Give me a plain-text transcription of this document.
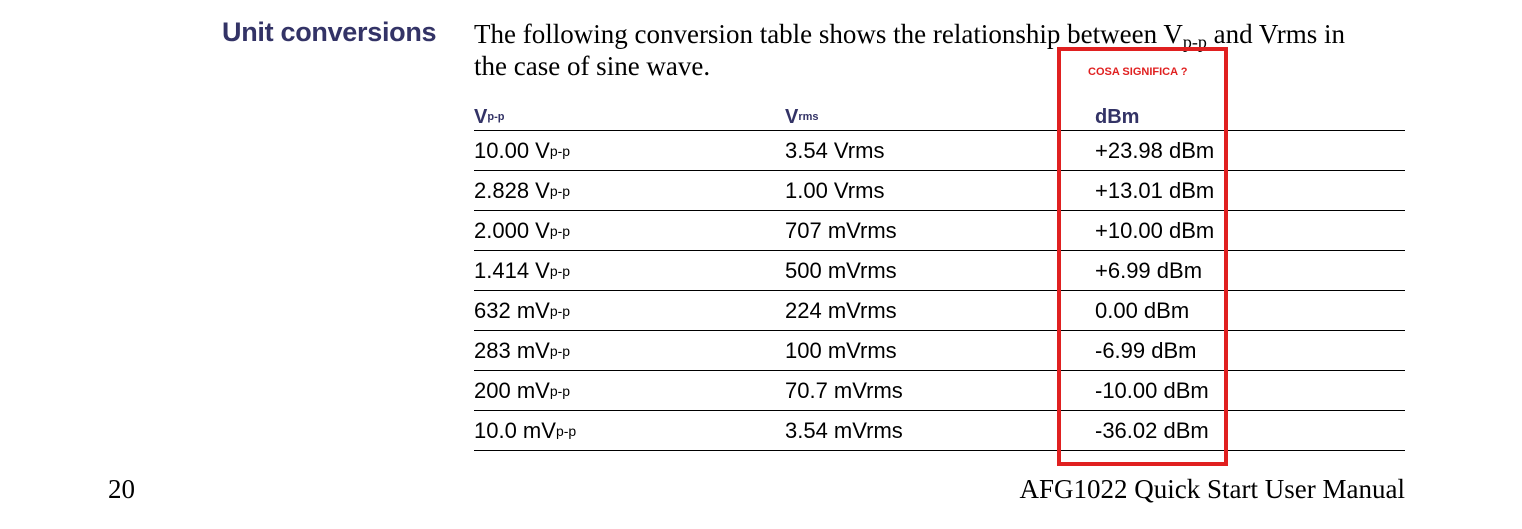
Unit conversions The following conversion table shows the relationship between $V_{p-p}$ and Vrms in the case of sine wave.	COSA SIGNIFICA ?
V p-p	V rms	dBm
10.00 V p-p	3.54 Vrms	+23.98 dBm
2.828 V p-p	1.00 Vrms	+13.01 dBm
2.000 V p-p	707 mVrms	+10.00 dBm
1.414 V p-p	500 mVrms	+6.99 dBm
632 mV p-p	224 mVrms	0.00 dBm
283 mV p-p	100 mVrms	-6.99 dBm
200 mV p-p	70.7 mVrms	-10.00 dBm
10.0 mV p-p	3.54 mVrms	-36.02 dBm
20	AFG1022 Quick Start User Manual
